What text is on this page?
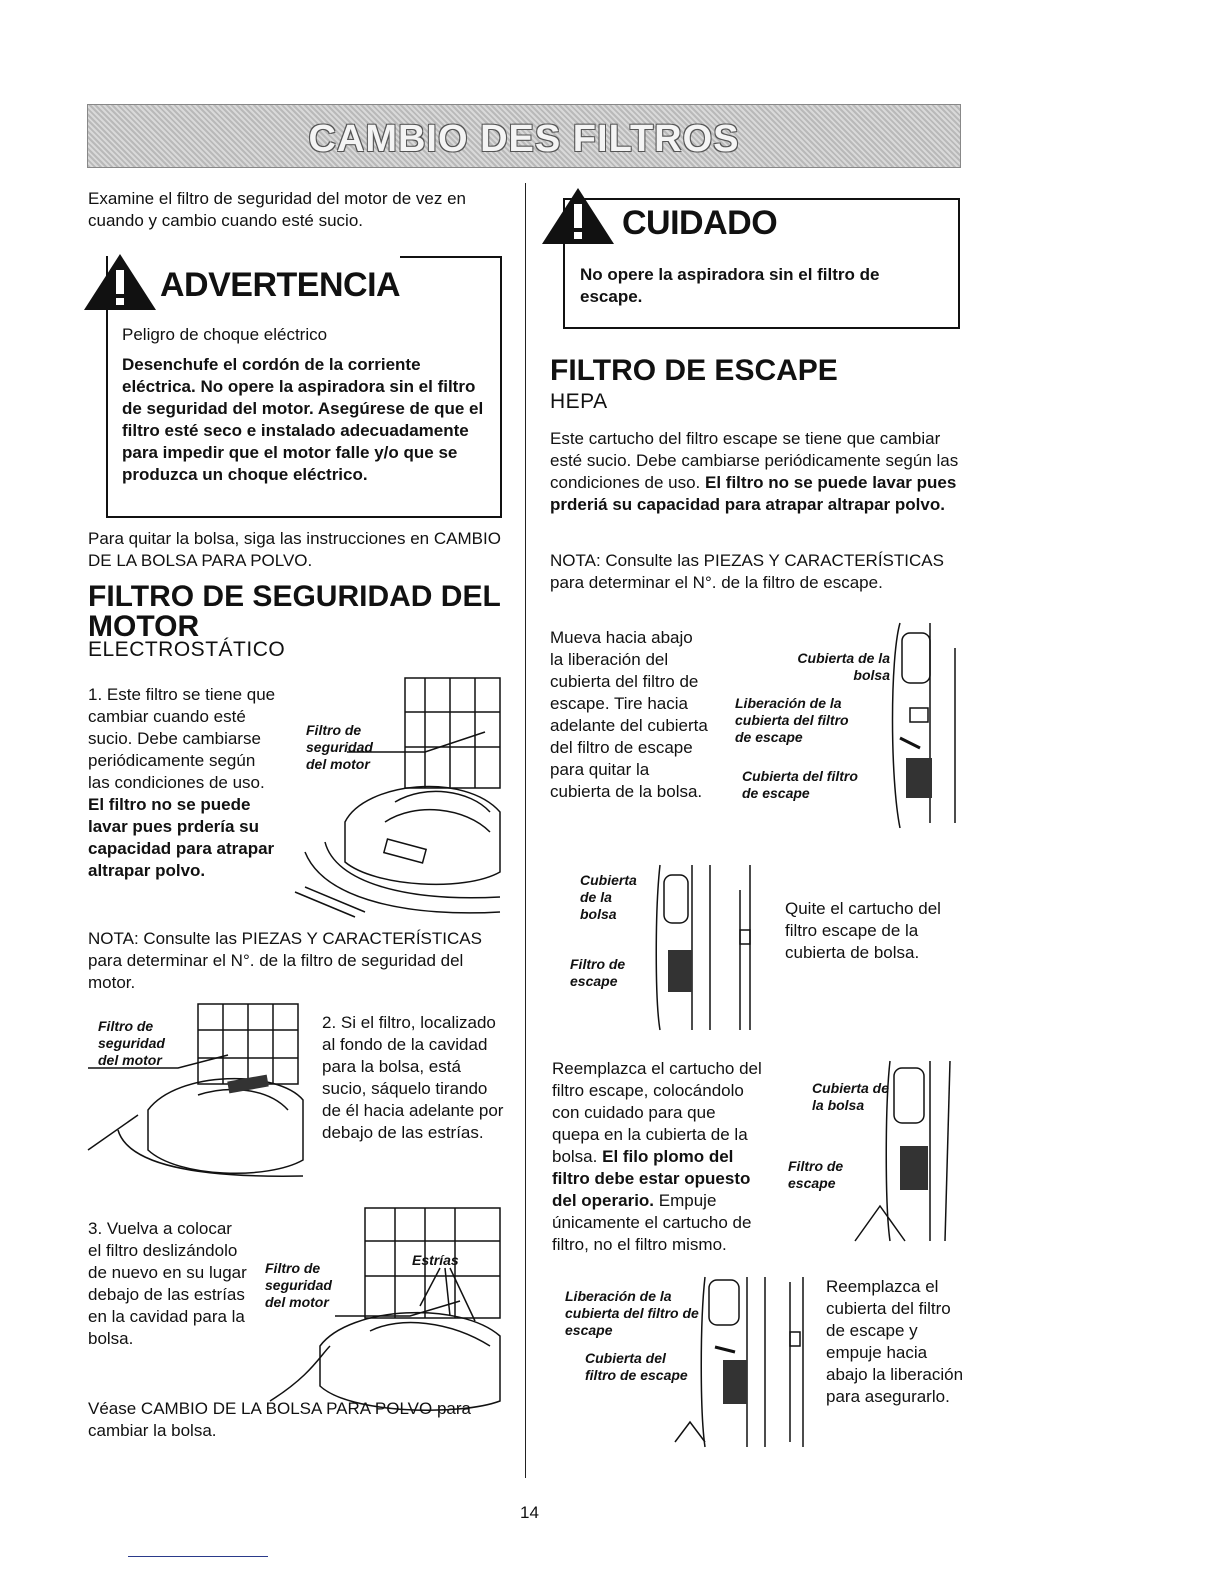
CAMBIO DES FILTROS
Examine el filtro de seguridad del motor de vez en cuando y cambio cuando esté sucio.
ADVERTENCIA
Peligro de choque eléctrico
Desenchufe el cordón de la corriente eléctrica. No opere la aspiradora sin el filtro de seguridad del motor. Asegúrese de que el filtro esté seco e instalado adecuadamente para impedir que el motor falle y/o que se produzca un choque eléctrico.
Para quitar la bolsa, siga las instrucciones en CAMBIO DE LA BOLSA PARA POLVO.
FILTRO DE SEGURIDAD DEL MOTOR
ELECTROSTÁTICO
1. Este filtro se tiene que cambiar cuando esté sucio. Debe cambiarse periódicamente según las condiciones de uso. El filtro no se puede lavar pues prdería su capacidad para atrapar altrapar polvo.
Filtro de seguridad del motor
NOTA: Consulte las PIEZAS Y CARACTERÍSTICAS para determinar el N°. de la filtro de seguridad del motor.
Filtro de seguridad del motor
2. Si el filtro, localizado al fondo de la cavidad para la bolsa, está sucio, sáquelo tirando de él hacia adelante por debajo de las estrías.
3. Vuelva a colocar el filtro deslizándolo de nuevo en su lugar debajo de las estrías en la cavidad para la bolsa.
Filtro de seguridad del motor
Estrías
Véase CAMBIO DE LA BOLSA PARA POLVO para cambiar la bolsa.
CUIDADO
No opere la aspiradora sin el filtro de escape.
FILTRO DE ESCAPE
HEPA
Este cartucho del filtro escape se tiene que cambiar esté sucio. Debe cambiarse periódicamente según las condiciones de uso. El filtro no se puede lavar pues prderiá su capacidad para atrapar altrapar polvo.
NOTA: Consulte las PIEZAS Y CARACTERÍSTICAS para determinar el N°. de la filtro de escape.
Mueva hacia abajo la liberación del cubierta del filtro de escape. Tire hacia adelante del cubierta del filtro de escape para quitar la cubierta de la bolsa.
Cubierta de la bolsa
Liberación de la cubierta del filtro de escape
Cubierta del filtro de escape
Cubierta de la bolsa
Filtro de escape
Quite el cartucho del filtro escape de la cubierta de bolsa.
Reemplazca el cartucho del filtro escape, colocándolo con cuidado para que quepa en la cubierta de la bolsa. El filo plomo del filtro debe estar opuesto del operario. Empuje únicamente el cartucho de filtro, no el filtro mismo.
Cubierta de la bolsa
Filtro de escape
Liberación de la cubierta del filtro de escape
Cubierta del filtro de escape
Reemplazca el cubierta del filtro de escape y empuje hacia abajo la liberación para asegurarlo.
14
